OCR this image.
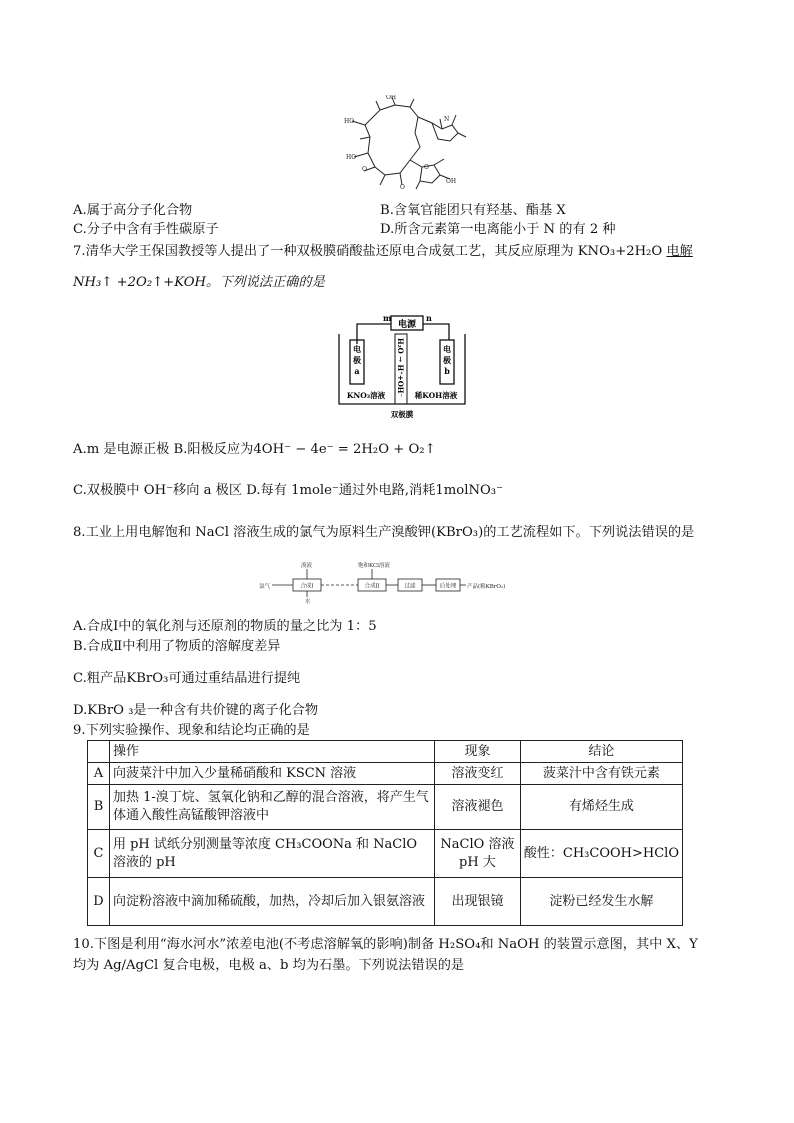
HO
OH
HO
O	O
N
OH
O
A.属于高分子化合物	B.含氧官能团只有羟基、酯基 X
C.分子中含有手性碳原子	D.所含元素第一电离能小于 N 的有 2 种
7.清华大学王保国教授等人提出了一种双极膜硝酸盐还原电合成氨工艺，其反应原理为 KNO₃+2H₂O 电解
NH₃↑ +2O₂↑+KOH。下列说法正确的是
电源
m	n
电
极
a
电
极
b
H₂O → H⁺+OH⁻
KNO₃溶液	稀KOH溶液
双极膜
A.m 是电源正极 B.阳极反应为4OH⁻ − 4e⁻ = 2H₂O + O₂↑
C.双极膜中 OH⁻移向 a 极区 D.每有 1mole⁻通过外电路,消耗1molNO₃⁻
8.工业上用电解饱和 NaCl 溶液生成的氯气为原料生产溴酸钾(KBrO₃)的工艺流程如下。下列说法错误的是
溴液	饱和KCl溶液
氯气
水
产品(粗KBrO₃)
合成Ⅰ	合成Ⅱ	过滤	后处理
A.合成Ⅰ中的氧化剂与还原剂的物质的量之比为 1：5
B.合成Ⅱ中利用了物质的溶解度差异
C.粗产品KBrO₃可通过重结晶进行提纯
D.KBrO ₃是一种含有共价键的离子化合物
9.下列实验操作、现象和结论均正确的是
	操作	现象	结论
A	向菠菜汁中加入少量稀硝酸和 KSCN 溶液	溶液变红	菠菜汁中含有铁元素
B	加热 1-溴丁烷、氢氧化钠和乙醇的混合溶液，将产生气体通入酸性高锰酸钾溶液中	溶液褪色	有烯烃生成
C	用 pH 试纸分别测量等浓度 CH₃COONa 和 NaClO 溶液的 pH	NaClO 溶液 pH 大	酸性：CH₃COOH>HClO
D	向淀粉溶液中滴加稀硫酸，加热，冷却后加入银氨溶液	出现银镜	淀粉已经发生水解
10.下图是利用“海水河水”浓差电池(不考虑溶解氧的影响)制备 H₂SO₄和 NaOH 的装置示意图，其中 X、Y
均为 Ag/AgCl 复合电极，电极 a、b 均为石墨。下列说法错误的是
